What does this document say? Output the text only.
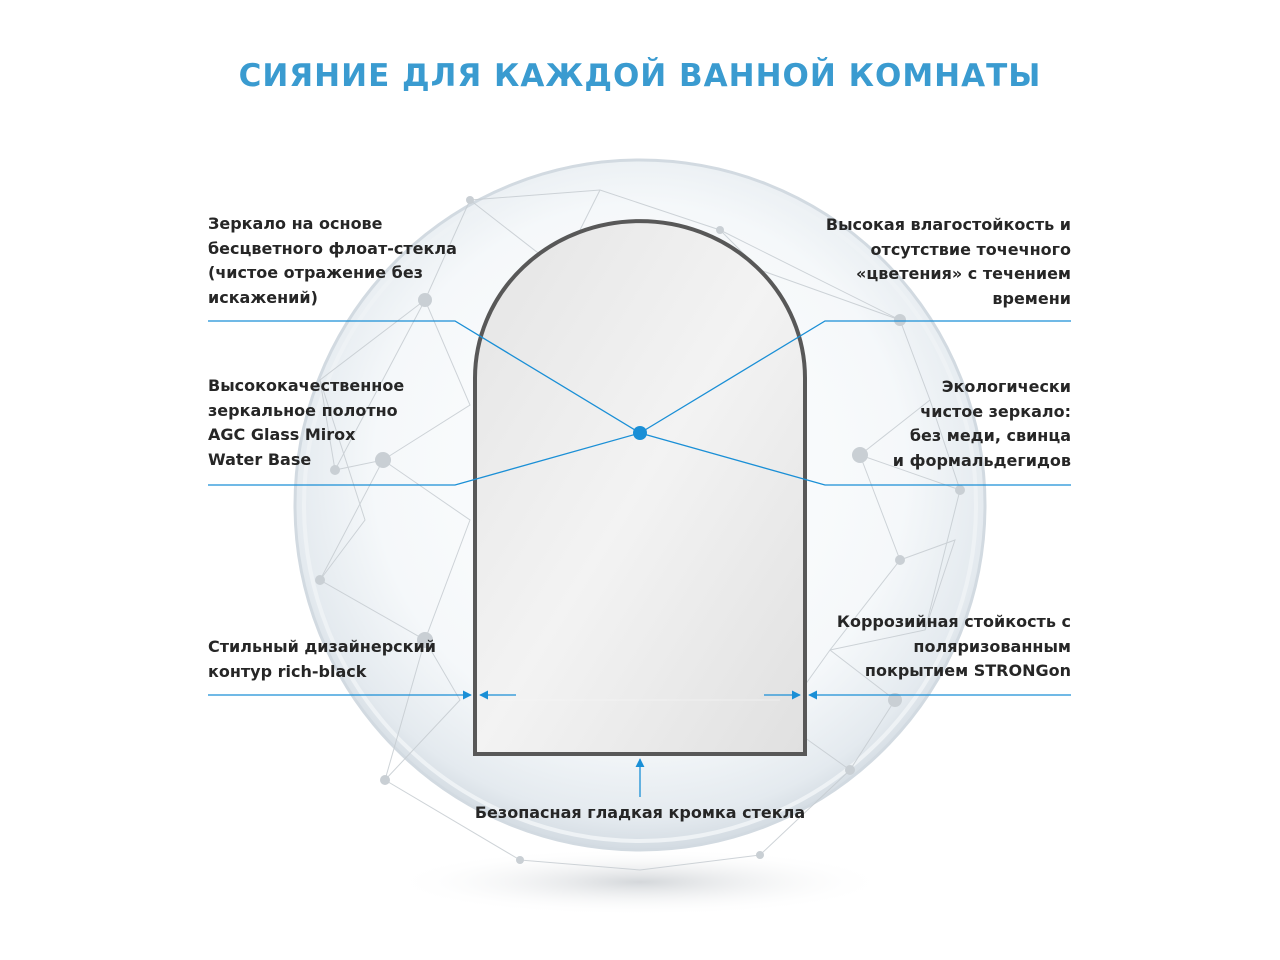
СИЯНИЕ ДЛЯ КАЖДОЙ ВАННОЙ КОМНАТЫ
Зеркало на основе
бесцветного флоат-стекла
(чистое отражение без
искажений)
Высококачественное
зеркальное полотно
AGC Glass Mirox
Water Base
Стильный дизайнерский
контур rich-black
Высокая влагостойкость и
отсутствие точечного
«цветения» с течением
времени
Экологически
чистое зеркало:
без меди, свинца
и формальдегидов
Коррозийная стойкость с
поляризованным
покрытием STRONGon
Безопасная гладкая кромка стекла
